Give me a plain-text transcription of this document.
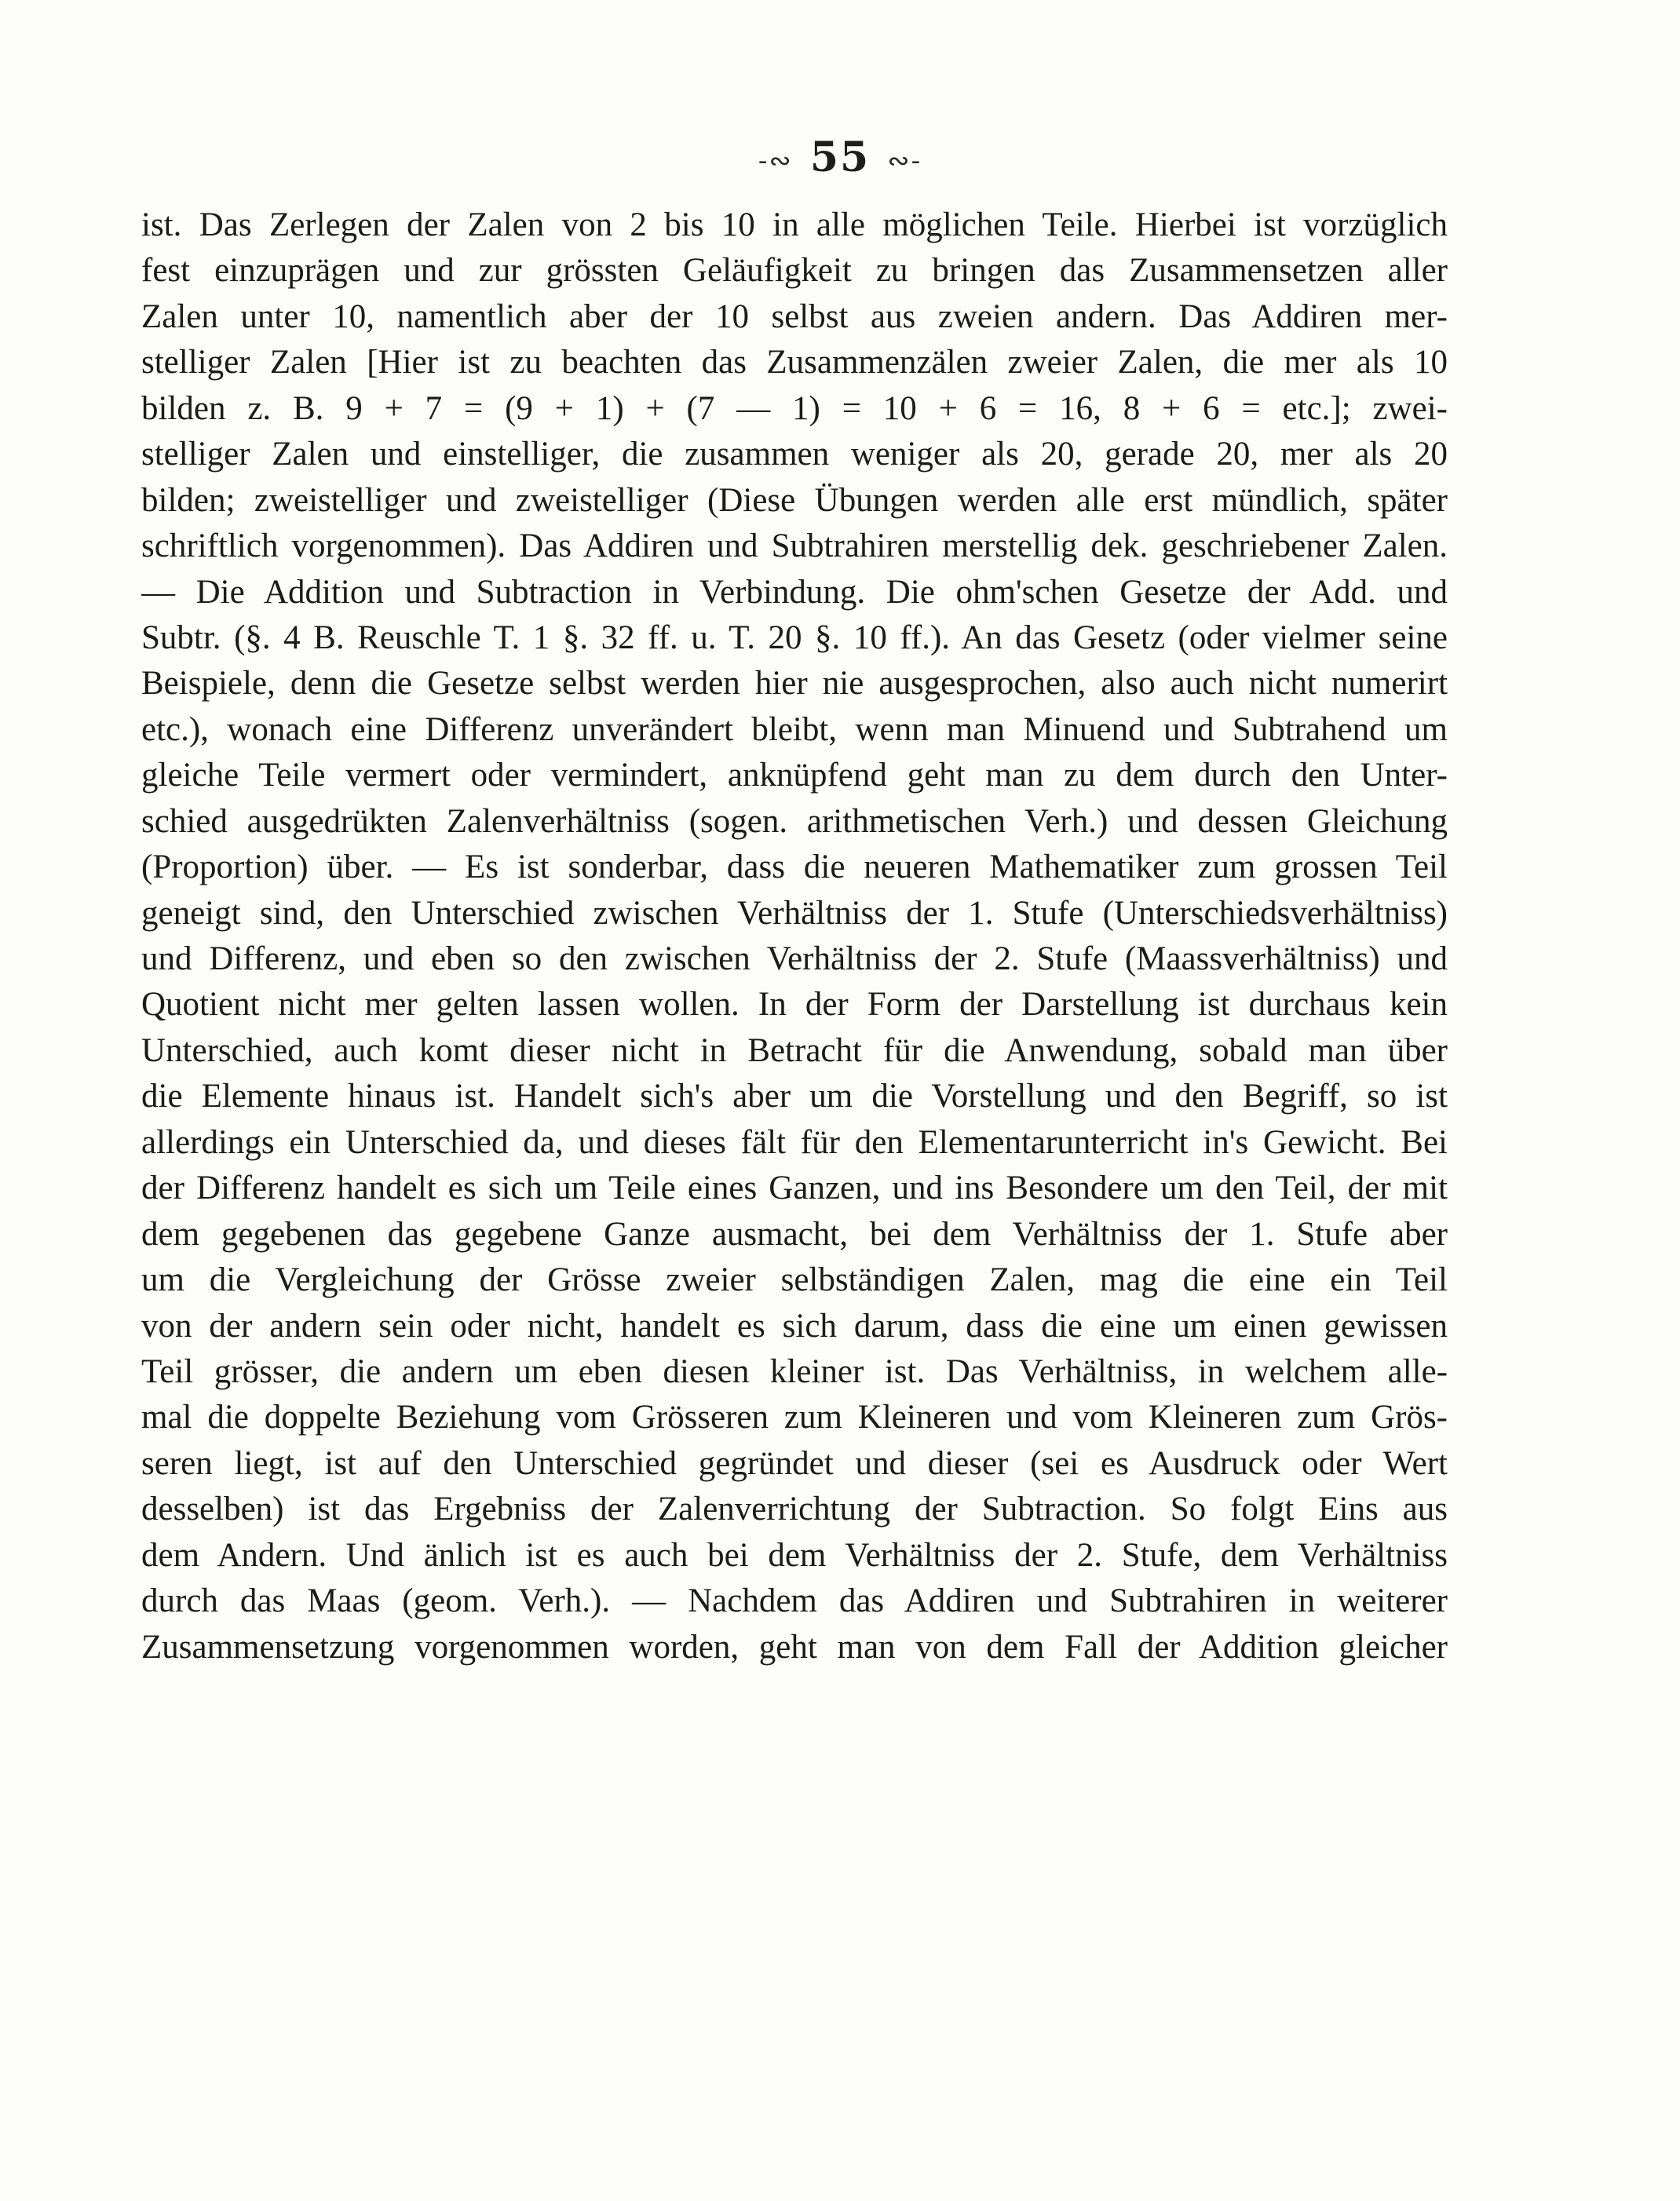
-∾ 55 ∾-
ist. Das Zerlegen der Zalen von 2 bis 10 in alle möglichen Teile. Hierbei ist vorzüglich
fest einzuprägen und zur grössten Geläufigkeit zu bringen das Zusammensetzen aller
Zalen unter 10, namentlich aber der 10 selbst aus zweien andern. Das Addiren mer-
stelliger Zalen [Hier ist zu beachten das Zusammenzälen zweier Zalen, die mer als 10
bilden z. B. 9 + 7 = (9 + 1) + (7 — 1) = 10 + 6 = 16, 8 + 6 = etc.]; zwei-
stelliger Zalen und einstelliger, die zusammen weniger als 20, gerade 20, mer als 20
bilden; zweistelliger und zweistelliger (Diese Übungen werden alle erst mündlich, später
schriftlich vorgenommen). Das Addiren und Subtrahiren merstellig dek. geschriebener Zalen.
— Die Addition und Subtraction in Verbindung. Die ohm'schen Gesetze der Add. und
Subtr. (§. 4 B. Reuschle T. 1 §. 32 ff. u. T. 20 §. 10 ff.). An das Gesetz (oder vielmer seine
Beispiele, denn die Gesetze selbst werden hier nie ausgesprochen, also auch nicht numerirt
etc.), wonach eine Differenz unverändert bleibt, wenn man Minuend und Subtrahend um
gleiche Teile vermert oder vermindert, anknüpfend geht man zu dem durch den Unter-
schied ausgedrükten Zalenverhältniss (sogen. arithmetischen Verh.) und dessen Gleichung
(Proportion) über. — Es ist sonderbar, dass die neueren Mathematiker zum grossen Teil
geneigt sind, den Unterschied zwischen Verhältniss der 1. Stufe (Unterschiedsverhältniss)
und Differenz, und eben so den zwischen Verhältniss der 2. Stufe (Maassverhältniss) und
Quotient nicht mer gelten lassen wollen. In der Form der Darstellung ist durchaus kein
Unterschied, auch komt dieser nicht in Betracht für die Anwendung, sobald man über
die Elemente hinaus ist. Handelt sich's aber um die Vorstellung und den Begriff, so ist
allerdings ein Unterschied da, und dieses fält für den Elementarunterricht in's Gewicht. Bei
der Differenz handelt es sich um Teile eines Ganzen, und ins Besondere um den Teil, der mit
dem gegebenen das gegebene Ganze ausmacht, bei dem Verhältniss der 1. Stufe aber
um die Vergleichung der Grösse zweier selbständigen Zalen, mag die eine ein Teil
von der andern sein oder nicht, handelt es sich darum, dass die eine um einen gewissen
Teil grösser, die andern um eben diesen kleiner ist. Das Verhältniss, in welchem alle-
mal die doppelte Beziehung vom Grösseren zum Kleineren und vom Kleineren zum Grös-
seren liegt, ist auf den Unterschied gegründet und dieser (sei es Ausdruck oder Wert
desselben) ist das Ergebniss der Zalenverrichtung der Subtraction. So folgt Eins aus
dem Andern. Und änlich ist es auch bei dem Verhältniss der 2. Stufe, dem Verhältniss
durch das Maas (geom. Verh.). — Nachdem das Addiren und Subtrahiren in weiterer
Zusammensetzung vorgenommen worden, geht man von dem Fall der Addition gleicher
